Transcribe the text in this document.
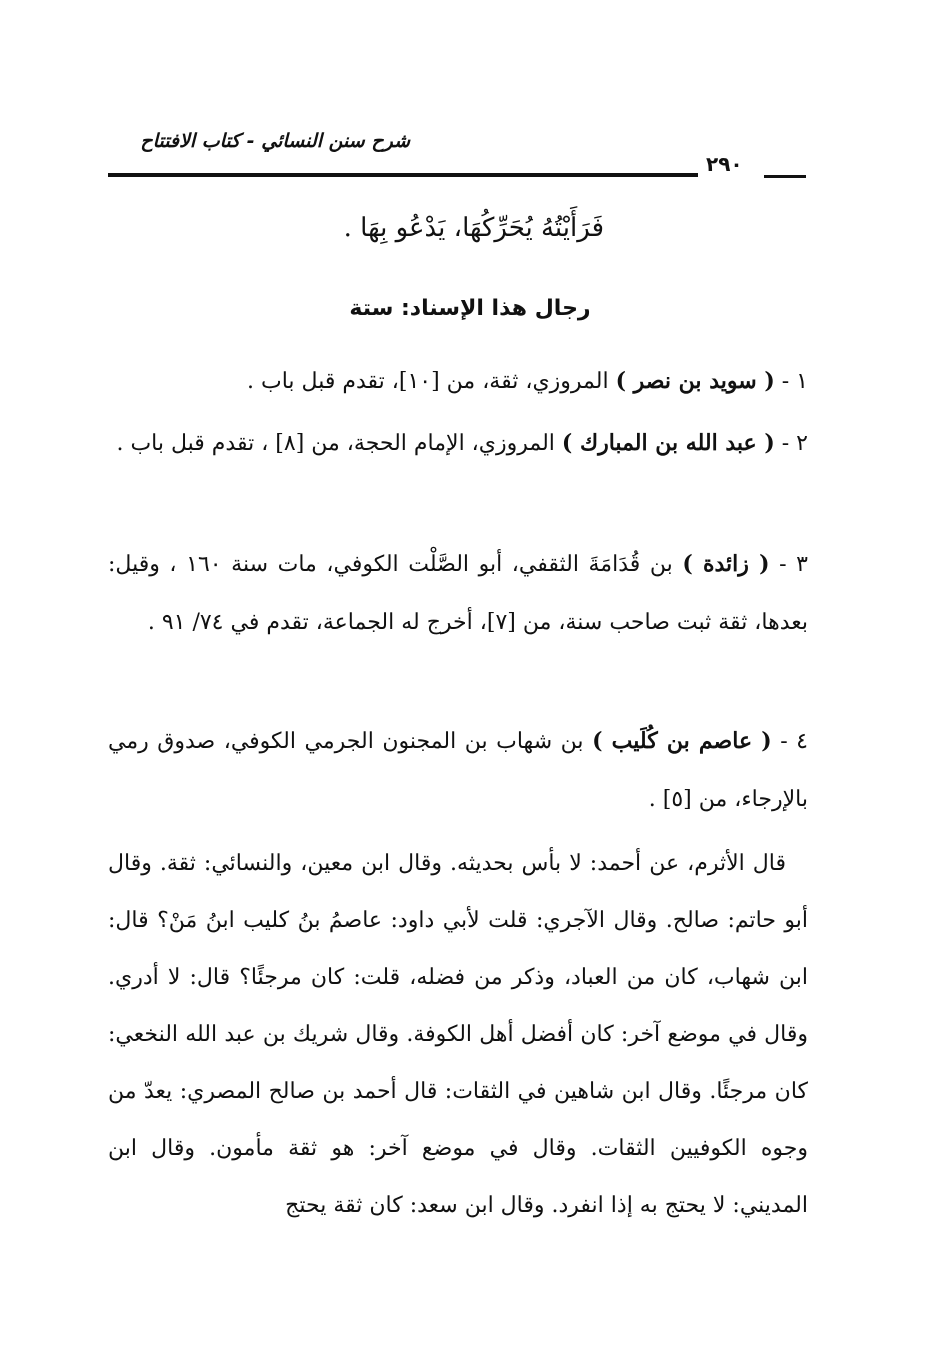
شرح سنن النسائي - كتاب الافتتاح
٢٩٠
فَرَأَيْتُهُ يُحَرِّكُهَا، يَدْعُو بِهَا .
رجال هذا الإسناد: ستة
١ - ( سويد بن نصر ) المروزي، ثقة، من [١٠]، تقدم قبل باب .
٢ - ( عبد الله بن المبارك ) المروزي، الإمام الحجة، من [٨] ، تقدم قبل باب .
٣ - ( زائدة ) بن قُدَامَةَ الثقفي، أبو الصَّلْت الكوفي، مات سنة ١٦٠ ، وقيل: بعدها، ثقة ثبت صاحب سنة، من [٧]، أخرج له الجماعة، تقدم في ٧٤/ ٩١ .
٤ - ( عاصم بن كُلَيب ) بن شهاب بن المجنون الجرمي الكوفي، صدوق رمي بالإرجاء، من [٥] .
قال الأثرم، عن أحمد: لا بأس بحديثه. وقال ابن معين، والنسائي: ثقة. وقال أبو حاتم: صالح. وقال الآجري: قلت لأبي داود: عاصمُ بنُ كليب ابنُ مَنْ؟ قال: ابن شهاب، كان من العباد، وذكر من فضله، قلت: كان مرجئًا؟ قال: لا أدري. وقال في موضع آخر: كان أفضل أهل الكوفة. وقال شريك بن عبد الله النخعي: كان مرجئًا. وقال ابن شاهين في الثقات: قال أحمد بن صالح المصري: يعدّ من وجوه الكوفيين الثقات. وقال في موضع آخر: هو ثقة مأمون. وقال ابن المديني: لا يحتج به إذا انفرد. وقال ابن سعد: كان ثقة يحتج
